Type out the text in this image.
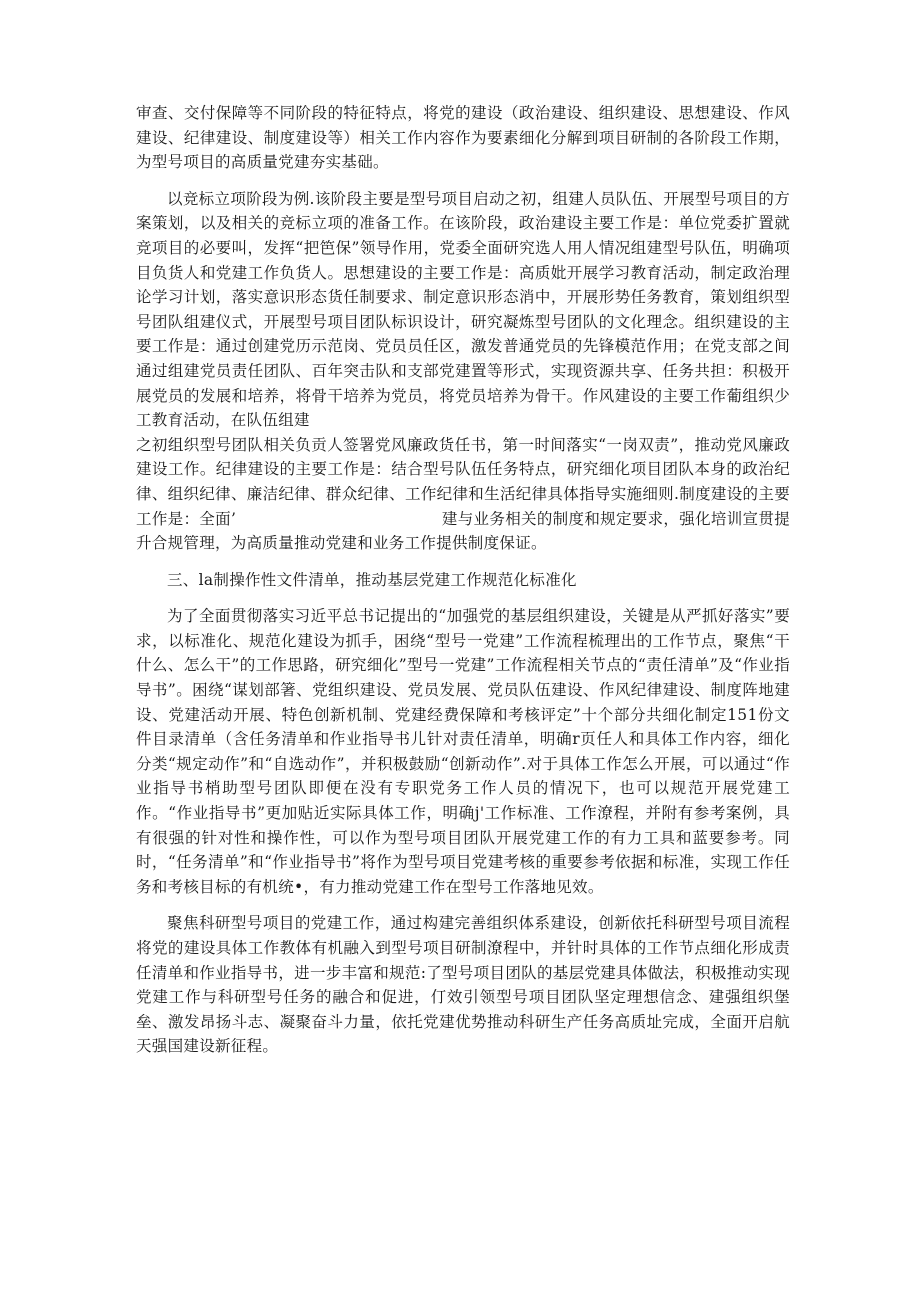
审查、交付保障等不同阶段的特征特点，将党的建设（政治建设、组织建设、思想建设、作风建设、纪律建设、制度建设等）相关工作内容作为要素细化分解到项目研制的各阶段工作期，为型号项目的高质量党建夯实基础。

以竞标立项阶段为例.该阶段主要是型号项目启动之初，组建人员队伍、开展型号项目的方案策划，以及相关的竞标立项的准备工作。在该阶段，政治建设主要工作是：单位党委扩置就竞项目的必要叫，发挥“把笆保”领导作用，党委全面研究选人用人情况组建型号队伍，明确项目负货人和党建工作负货人。思想建设的主要工作是：高质妣开展学习教育活动，制定政治理论学习计划，落实意识形态货任制要求、制定意识形态消中，开展形势任务教育，策划组织型号团队组建仪式，开展型号项目团队标识设计，研究凝炼型号团队的文化理念。组织建设的主要工作是：通过创建党历示范岗、党员员任区，激发普通党员的先锋模范作用；在党支部之间通过组建党员责任团队、百年突击队和支部党建置等形式，实现资源共享、任务共担：积极开展党员的发展和培养，将骨干培养为党员，将党员培养为骨干。作风建设的主要工作葡组织少　　工教育活动，在队伍组建

之初组织型号团队相关负贡人签署党风廉政货任书，第一时间落实“一岗双责”，推动党风廉政建设工作。纪律建设的主要工作是：结合型号队伍任务特点，研究细化项目团队本身的政治纪律、组织纪律、廉洁纪律、群众纪律、工作纪律和生活纪律具体指导实施细则.制度建设的主要工作是：全面’　　　　　　　　　　　　　建与业务相关的制度和规定要求，强化培训宣贯提升合规管理，为高质量推动党建和业务工作提供制度保证。

三、la制操作性文件清单，推动基层党建工作规范化标准化

为了全面贯彻落实习近平总书记提出的“加强党的基层组织建设，关键是从严抓好落实”要求，以标准化、规范化建设为抓手，困绕“型号一党建”工作流程梳理出的工作节点，聚焦“干什么、怎么干”的工作思路，研究细化”型号一党建”工作流程相关节点的“责任清单”及“作业指导书”。困绕“谋划部箸、党组织建设、党员发展、党员队伍建设、作风纪律建设、制度阵地建设、党建活动开展、特色创新机制、党建经费保障和考核评定”十个部分共细化制定151份文件目录清单（含任务清单和作业指导书儿针对责任清单，明确r页任人和具体工作内容，细化分类“规定动作”和“自选动作”，并积极鼓励“创新动作”.对于具体工作怎么开展，可以通过“作业指导书梢助型号团队即便在没有专职党务工作人员的情况下，也可以规范开展党建工作。“作业指导书”更加贴近实际具体工作，明确j'工作标准、工作潦程，并附有参考案例，具有很强的针对性和操作性，可以作为型号项目团队开展党建工作的有力工具和蓝要参考。同时，“任务清单”和“作业指导书”将作为型号项目党建考核的重要参考依据和标准，实现工作任务和考核目标的有机统•，有力推动党建工作在型号工作落地见效。

聚焦科研型号项目的党建工作，通过构建完善组织体系建设，创新依托科研型号项目流程将党的建设具体工作教体有机融入到型号项目研制潦程中，并针时具体的工作节点细化形成责任清单和作业指导书，进一步丰富和规范:了型号项目团队的基层党建具体做法，积极推动实现党建工作与科研型号任务的融合和促进，仃效引领型号项目团队坚定理想信念、建强组织堡垒、激发昂扬斗志、凝聚奋斗力量，依托党建优势推动科研生产任务高质址完成，全面开启航天强国建设新征程。
